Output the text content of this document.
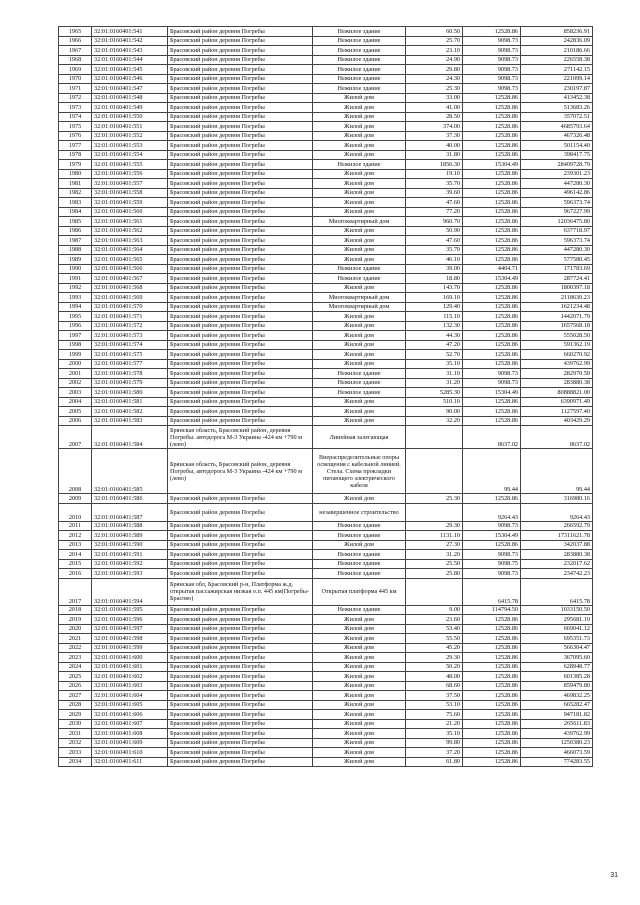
1965	32:01:0160401:541	Брасовский район деревня Погребы	Нежилое здание	60.50	12528.86	858236.91
1966	32:01:0160401:542	Брасовский район деревня Погребы	Нежилое здание	25.70	9098.73	242836.09
1967	32:01:0160401:543	Брасовский район деревня Погребы	Нежилое здание	23.10	9098.73	210186.66
1968	32:01:0160401:544	Брасовский район деревня Погребы	Нежилое здание	24.90	9098.73	226558.38
1969	32:01:0160401:545	Брасовский район деревня Погребы	Нежилое здание	29.80	9098.73	271142.15
1970	32:01:0160401:546	Брасовский район деревня Погребы	Нежилое здание	24.30	9098.73	221099.14
1971	32:01:0160401:547	Брасовский район деревня Погребы	Нежилое здание	25.30	9098.73	230197.87
1972	32:01:0160401:548	Брасовский район деревня Погребы	Жилой дом	33.00	12528.86	413452.38
1973	32:01:0160401:549	Брасовский район деревня Погребы	Жилой дом	41.00	12528.86	513683.26
1974	32:01:0160401:550	Брасовский район деревня Погребы	Жилой дом	28.50	12528.86	357072.51
1975	32:01:0160401:551	Брасовский район деревня Погребы	Жилой дом	374.00	12528.86	4685793.64
1976	32:01:0160401:552	Брасовский район деревня Погребы	Жилой дом	37.30	12528.86	467326.48
1977	32:01:0160401:553	Брасовский район деревня Погребы	Жилой дом	40.00	12528.86	501154.40
1978	32:01:0160401:554	Брасовский район деревня Погребы	Жилой дом	31.80	12528.86	398417.75
1979	32:01:0160401:555	Брасовский район деревня Погребы	Нежилое здание	1856.30	15304.49	28409728.79
1980	32:01:0160401:556	Брасовский район деревня Погребы	Жилой дом	19.10	12528.86	239301.23
1981	32:01:0160401:557	Брасовский район деревня Погребы	Жилой дом	35.70	12528.86	447280.30
1982	32:01:0160401:558	Брасовский район деревня Погребы	Жилой дом	39.60	12528.86	496142.86
1983	32:01:0160401:559	Брасовский район деревня Погребы	Жилой дом	47.60	12528.86	596373.74
1984	32:01:0160401:560	Брасовский район деревня Погребы	Жилой дом	77.20	12528.86	967227.99
1985	32:01:0160401:561	Брасовский район деревня Погребы	Многоквартирный дом	960.70	12528.86	12036475.80
1986	32:01:0160401:562	Брасовский район деревня Погребы	Жилой дом	50.90	12528.86	637718.97
1987	32:01:0160401:563	Брасовский район деревня Погребы	Жилой дом	47.60	12528.86	596373.74
1988	32:01:0160401:564	Брасовский район деревня Погребы	Жилой дом	35.70	12528.86	447280.30
1989	32:01:0160401:565	Брасовский район деревня Погребы	Жилой дом	46.10	12528.86	577580.45
1990	32:01:0160401:566	Брасовский район деревня Погребы	Нежилое здание	39.00	4404.71	171783.69
1991	32:01:0160401:567	Брасовский район деревня Погребы	Нежилое здание	18.80	15304.49	287724.41
1992	32:01:0160401:568	Брасовский район деревня Погребы	Жилой дом	143.70	12528.86	1800397.18
1993	32:01:0160401:569	Брасовский район деревня Погребы	Многоквартирный дом	169.10	12528.86	2118630.23
1994	32:01:0160401:570	Брасовский район деревня Погребы	Многоквартирный дом	129.40	12528.86	1621234.48
1995	32:01:0160401:571	Брасовский район деревня Погребы	Жилой дом	115.10	12528.86	1442071.79
1996	32:01:0160401:572	Брасовский район деревня Погребы	Жилой дом	132.30	12528.86	1657568.18
1997	32:01:0160401:573	Брасовский район деревня Погребы	Жилой дом	44.30	12528.86	555028.50
1998	32:01:0160401:574	Брасовский район деревня Погребы	Жилой дом	47.20	12528.86	591362.19
1999	32:01:0160401:575	Брасовский район деревня Погребы	Жилой дом	52.70	12528.86	660270.92
2000	32:01:0160401:577	Брасовский район деревня Погребы	Жилой дом	35.10	12528.86	439762.99
2001	32:01:0160401:578	Брасовский район деревня Погребы	Нежилое здание	31.10	9098.73	282970.50
2002	32:01:0160401:579	Брасовский район деревня Погребы	Нежилое здание	31.20	9098.73	283880.38
2003	32:01:0160401:580	Брасовский район деревня Погребы	Нежилое здание	5285.30	15304.49	80888821.00
2004	32:01:0160401:581	Брасовский район деревня Погребы	Жилой дом	510.10	12528.86	6390971.49
2005	32:01:0160401:582	Брасовский район деревня Погребы	Жилой дом	90.00	12528.86	1127597.40
2006	32:01:0160401:583	Брасовский район деревня Погребы	Жилой дом	32.20	12528.86	403429.29
2007	32:01:0160401:584	Брянская область, Брасовский район, деревня Погребы. автодорога М-3 Украина -424 км +790 м (лево)	Линейная залегающая		8637.02	8637.02
2008	32:01:0160401:585	Брянская область, Брасовский район, деревня Погребы, автодорога М-3 Украина -424 км +790 м (лево)	Внераспределительные опоры освещения с кабельной линией. Стела. Схема прокладки питающего электрического кабеля		99.44	99.44
2009	32:01:0160401:586	Брасовский район деревня Погребы	Жилой дом	25.30	12528.86	316980.16
2010	32:01:0160401:587	Брасовский район деревня Погребы	незавершенное строительство		9264.43	9264.43
2011	32:01:0160401:588	Брасовский район деревня Погребы	Нежилое здание	29.30	9098.73	266592.79
2012	32:01:0160401:589	Брасовский район деревня Погребы	Нежилое здание	1131.10	15304.49	17311621.78
2013	32:01:0160401:590	Брасовский район деревня Погребы	Жилой дом	27.30	12528.86	342037.88
2014	32:01:0160401:591	Брасовский район деревня Погребы	Нежилое здание	31.20	9098.73	283880.38
2015	32:01:0160401:592	Брасовский район деревня Погребы	Нежилое здание	25.50	9098.75	232017.62
2016	32:01:0160401:593	Брасовский район деревня Погребы	Нежилое здание	25.80	9098.73	234742.23
2017	32:01:0160401:594	Брянская обл, Брасовский р-н, Платформа ж.д. открытая пассажирская низкая о.п. 445 км(Погребы-Брасово)	Открытая платформа 445 км		6415.78	6415.78
2018	32:01:0160401:595	Брасовский район деревня Погребы	Нежилое здание	9.00	114794.50	1033150.50
2019	32:01:0160401:596	Брасовский район деревня Погребы	Жилой дом	23.60	12528.86	295681.10
2020	32:01:0160401:597	Брасовский район деревня Погребы	Жилой дом	53.40	12528.86	669041.12
2021	32:01:0160401:598	Брасовский район деревня Погребы	Жилой дом	55.50	12528.86	695351.73
2022	32:01:0160401:599	Брасовский район деревня Погребы	Жилой дом	45.20	12528.86	566304.47
2023	32:01:0160401:600	Брасовский район деревня Погребы	Жилой дом	29.30	12528.86	367095.60
2024	32:01:0160401:601	Брасовский район деревня Погребы	Жилой дом	50.20	12528.86	628948.77
2025	32:01:0160401:602	Брасовский район деревня Погребы	Жилой дом	48.00	12528.86	601385.28
2026	32:01:0160401:603	Брасовский район деревня Погребы	Жилой дом	68.60	12528.86	859479.80
2027	32:01:0160401:604	Брасовский район деревня Погребы	Жилой дом	37.50	12528.86	469832.25
2028	32:01:0160401:605	Брасовский район деревня Погребы	Жилой дом	53.10	12528.86	665282.47
2029	32:01:0160401:606	Брасовский район деревня Погребы	Жилой дом	75.60	12528.86	947181.82
2030	32:01:0160401:607	Брасовский район деревня Погребы	Жилой дом	21.20	12528.86	265611.83
2031	32:01:0160401:608	Брасовский район деревня Погребы	Жилой дом	35.10	12528.86	439762.99
2032	32:01:0160401:609	Брасовский район деревня Погребы	Жилой дом	99.80	12528.86	1250380.23
2033	32:01:0160401:610	Брасовский район деревня Погребы	Жилой дом	37.20	12528.86	466073.59
2034	32:01:0160401:611	Брасовский район деревня Погребы	Жилой дом	61.80	12528.86	774283.55
31
